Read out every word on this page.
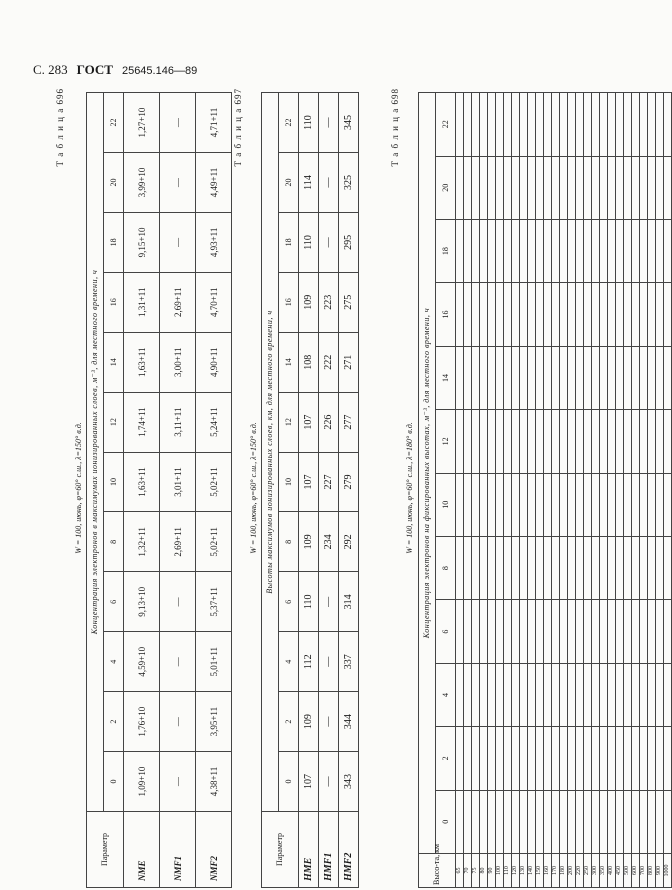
С. 283 ГОСТ 25645.146—89
Т а б л и ц а 696
W = 100, июнь, φ=60° с.ш., λ=150° в.д.
Параметр	Концентрация электронов в максимумах ионизированных слоев, м⁻³, для местного времени, ч											
	0	2	4	6	8	10	12	14	16	18	20	22
NME	1,09+10	1,76+10	4,59+10	9,13+10	1,32+11	1,63+11	1,74+11	1,63+11	1,31+11	9,15+10	3,99+10	1,27+10
NMF1	—	—	—	—	2,69+11	3,01+11	3,11+11	3,00+11	2,69+11	—	—	—
NMF2	4,38+11	3,95+11	5,01+11	5,37+11	5,02+11	5,02+11	5,24+11	4,90+11	4,70+11	4,93+11	4,49+11	4,71+11 Т а б л и ц а 697
W = 100, июнь, φ=60° с.ш., λ=150° в.д.
Параметр	Высоты максимумов ионизированных слоев, км, для местного времени, ч											
	0	2	4	6	8	10	12	14	16	18	20	22
HME	107	109	112	110	109	107	107	108	109	110	114	110
HMF1	—	—	—	—	234	227	226	222	223	—	—	—
HMF2	343	344	337	314	292	279	277	271	275	295	325	345	Т а б л и ц а 698
W = 100, июнь, φ=60° с.ш., λ=180° в.д.
Высо-та, км	Концентрация электронов на фиксированных высотах, м⁻³, для местного времени, ч											
	0	2	4	6	8	10	12	14	16	18	20	22
65												
70												
75												
80												
90												
100												
110												
120												
130												
140												
150												
160												
170												
180												
200												
220												
250												
300												
350												
400												
450												
500												
600												
700												
800												
900												
1000												
